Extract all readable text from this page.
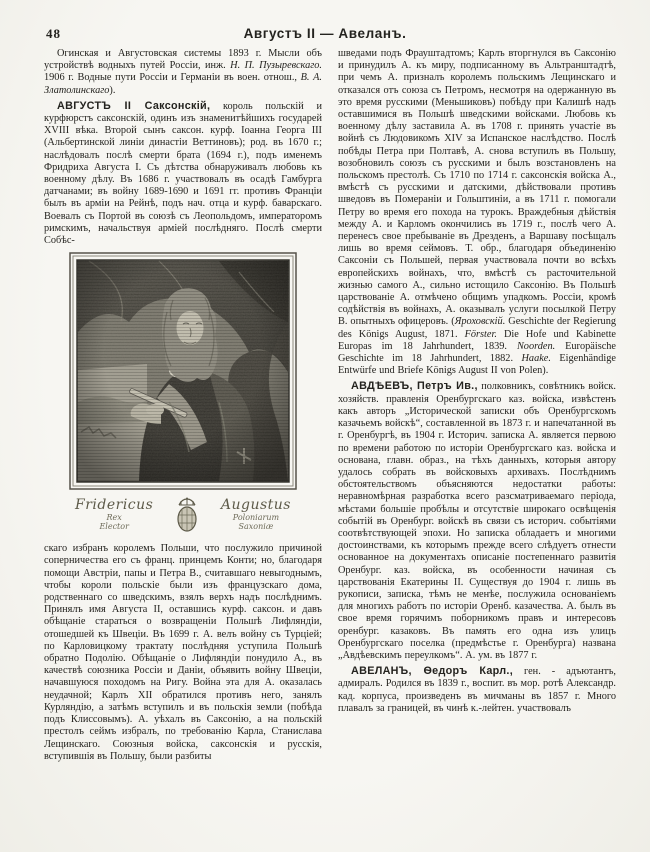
48	Августъ II — Авеланъ.

Огинская и Августовская системы 1893 г. Мысли объ устройствѣ водныхъ путей Россіи, инж. Н. П. Пузыревскаго. 1906 г. Водные пути Россіи и Германіи въ воен. отнош., В. А. Златолинскаго).

АВГУСТЪ II Саксонскій, король польскій и курфюрстъ саксонскій, одинъ изъ знаменитѣйшихъ государей XVIII вѣка. Второй сынъ саксон. курф. Іоанна Георга III (Альбертинской линіи династіи Веттиновъ); род. въ 1670 г.; наслѣдовалъ послѣ смерти брата (1694 г.), подъ именемъ Фридриха Августа I. Съ дѣтства обнаруживалъ любовь къ военному дѣлу. Въ 1686 г. участвовалъ въ осадѣ Гамбурга датчанами; въ войну 1689-1690 и 1691 гг. противъ Франціи былъ въ арміи на Рейнѣ, подъ нач. отца и курф. баварскаго. Воевалъ съ Портой въ союзѣ съ Леопольдомъ, императоромъ римскимъ, начальствуя арміей послѣдняго. Послѣ смерти Собѣс-

Fridericus
Rex
Elector
Augustus
Poloniarum
Saxoniæ

скаго избранъ королемъ Польши, что послужило причиной соперничества его съ франц. принцемъ Конти; но, благодаря помощи Австріи, папы и Петра В., считавшаго невыгоднымъ, чтобы короли польскіе были изъ французскаго дома, родственнаго со шведскимъ, взялъ верхъ надъ послѣднимъ. Принялъ имя Августа II, оставшись курф. саксон. и давъ обѣщаніе стараться о возвращеніи Польшѣ Лифляндіи, отошедшей къ Швеціи. Въ 1699 г. А. велъ войну съ Турціей; по Карловицкому трактату послѣдняя уступила Польшѣ обратно Подолію. Обѣщаніе о Лифляндіи понудило А., въ качествѣ союзника Россіи и Даніи, объявить войну Швеціи, начавшуюся походомъ на Ригу. Война эта для А. оказалась неудачной; Карлъ XII обратился противъ него, занялъ Курляндію, а затѣмъ вступилъ и въ польскія земли (побѣда подъ Клиссовымъ). А. уѣхалъ въ Саксонію, а на польскій престолъ сеймъ избралъ, по требованію Карла, Станислава Лещинскаго. Союзныя войска, саксонскія и русскія, вступившія въ Польшу, были разбиты

шведами подъ Фрауштадтомъ; Карлъ вторгнулся въ Саксонію и принудилъ А. къ миру, подписанному въ Альтранштадтѣ, при чемъ А. призналъ королемъ польскимъ Лещинскаго и отказался отъ союза съ Петромъ, несмотря на одержанную въ это время русскими (Меньшиковъ) побѣду при Калишѣ надъ оставшимися въ Польшѣ шведскими войсками. Любовь къ военному дѣлу заставила А. въ 1708 г. принять участіе въ войнѣ съ Людовикомъ XIV за Испанское наслѣдство. Послѣ побѣды Петра при Полтавѣ, А. снова вступилъ въ Польшу, возобновилъ союзъ съ русскими и былъ возстановленъ на польскомъ престолѣ. Съ 1710 по 1714 г. саксонскія войска А., вмѣстѣ съ русскими и датскими, дѣйствовали противъ шведовъ въ Помераніи и Гольштиніи, а въ 1711 г. помогали Петру во время его похода на турокъ. Враждебныя дѣйствія между А. и Карломъ окончились въ 1719 г., послѣ чего А. перенесъ свое пребываніе въ Дрезденъ, а Варшаву посѣщалъ лишь во время сеймовъ. Т. обр., благодаря объединенію Саксоніи съ Польшей, первая участвовала почти во всѣхъ европейскихъ войнахъ, что, вмѣстѣ съ расточительной жизнью самого А., сильно истощило Саксонію. Въ Польшѣ царствованіе А. отмѣчено общимъ упадкомъ. Россіи, кромѣ содѣйствія въ войнахъ, А. оказывалъ услуги посылкой Петру В. опытныхъ офицеровъ. (Яроховскій. Geschichte der Regierung des Königs August, 1871. Förster. Die Hofe und Kabinette Europas im 18 Jahrhundert, 1839. Noorden. Europäische Geschichte im 18 Jahrhundert, 1882. Haake. Eigenhändige Entwürfe und Briefe Königs August II von Polen).

АВДѢЕВЪ, Петръ Ив., полковникъ, совѣтникъ войск. хозяйств. правленія Оренбургскаго каз. войска, извѣстенъ какъ авторъ „Исторической записки объ Оренбургскомъ казачьемъ войскѣ“, составленной въ 1873 г. и напечатанной въ г. Оренбургѣ, въ 1904 г. Историч. записка А. является первою по времени работою по исторіи Оренбургскаго каз. войска и основана, главн. образ., на тѣхъ данныхъ, которыя автору удалось собрать въ войсковыхъ архивахъ. Послѣднимъ обстоятельствомъ объясняются недостатки работы: неравномѣрная разработка всего разсматриваемаго періода, мѣстами большіе пробѣлы и отсутствіе широкаго освѣщенія событій въ Оренбург. войскѣ въ связи съ историч. событіями соотвѣтствующей эпохи. Но записка обладаетъ и многими достоинствами, къ которымъ прежде всего слѣдуетъ отнести основанное на документахъ описаніе постепеннаго развитія Оренбург. каз. войска, въ особенности начиная съ царствованія Екатерины II. Существуя до 1904 г. лишь въ рукописи, записка, тѣмъ не менѣе, послужила основаніемъ для многихъ работъ по исторіи Оренб. казачества. А. былъ въ свое время горячимъ поборникомъ правъ и интересовъ оренбург. казаковъ. Въ память его одна изъ улицъ Оренбургскаго поселка (предмѣстье г. Оренбурга) названа „Авдѣевскимъ переулкомъ“. А. ум. въ 1877 г.

АВЕЛАНЪ, Ѳедоръ Карл., ген. - адъютантъ, адмиралъ. Родился въ 1839 г., воспит. въ мор. ротѣ Александр. кад. корпуса, произведенъ въ мичманы въ 1857 г. Много плавалъ за границей, въ чинѣ к.-лейтен. участвовалъ
